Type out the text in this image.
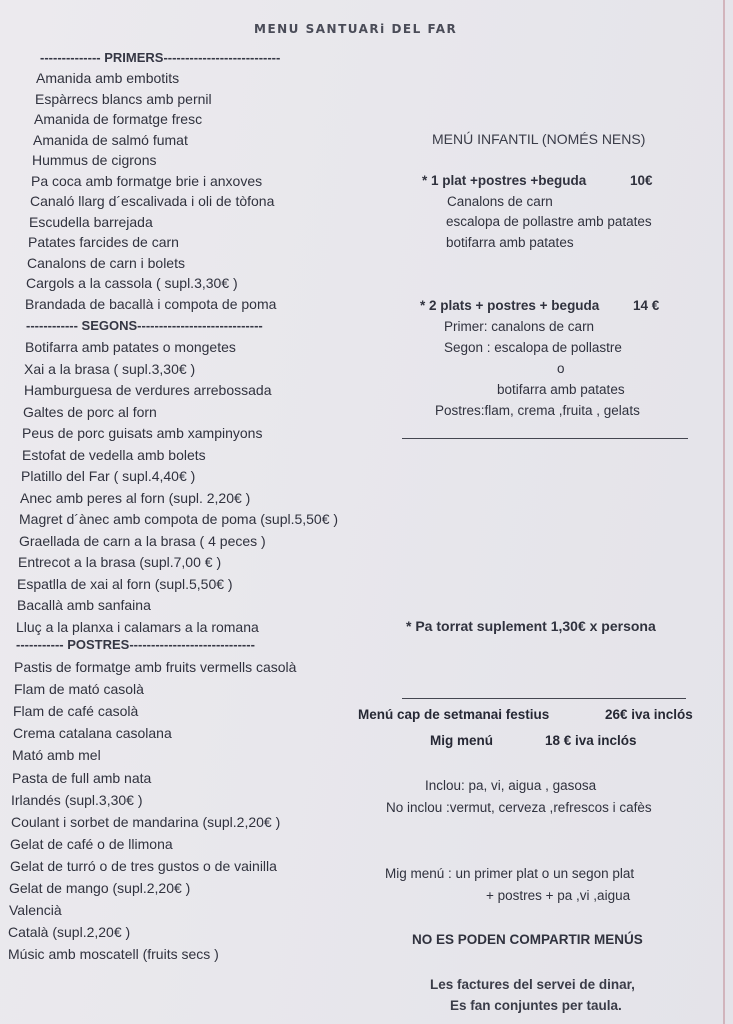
MENU SANTUARi DEL FAR
-------------- PRIMERS---------------------------
Amanida amb embotits
Espàrrecs blancs amb pernil
Amanida de formatge fresc
Amanida de salmó fumat
Hummus de cigrons
Pa coca amb formatge brie i anxoves
Canaló llarg d´escalivada i oli de tòfona
Escudella barrejada
Patates farcides de carn
Canalons de carn i bolets
Cargols a la cassola ( supl.3,30€ )
Brandada de bacallà i compota de poma
------------ SEGONS-----------------------------
Botifarra amb patates o mongetes
Xai a la brasa ( supl.3,30€ )
Hamburguesa de verdures arrebossada
Galtes de porc al forn
Peus de porc guisats amb xampinyons
Estofat de vedella amb bolets
Platillo del Far ( supl.4,40€ )
Anec amb peres al forn (supl. 2,20€ )
Magret d´ànec amb compota de poma (supl.5,50€ )
Graellada de carn a la brasa ( 4 peces )
Entrecot a la brasa (supl.7,00 € )
Espatlla de xai al forn (supl.5,50€ )
Bacallà amb sanfaina
Lluç a la planxa i calamars a la romana
----------- POSTRES-----------------------------
Pastis de formatge amb fruits vermells casolà
Flam de mató casolà
Flam de café casolà
Crema catalana casolana
Mató amb mel
Pasta de full amb nata
Irlandés (supl.3,30€ )
Coulant i sorbet de mandarina (supl.2,20€ )
Gelat de café o de llimona
Gelat de turró o de tres gustos o de vainilla
Gelat de mango (supl.2,20€ )
Valencià
Català (supl.2,20€ )
Músic amb moscatell (fruits secs )
MENÚ INFANTIL (NOMÉS NENS)
* 1 plat +postres +beguda	10€
Canalons de carn
escalopa de pollastre amb patates
botifarra amb patates
* 2 plats + postres + beguda 14 €
Primer: canalons de carn
Segon : escalopa de pollastre
o
botifarra amb patates
Postres:flam, crema ,fruita , gelats
* Pa torrat suplement 1,30€ x persona
Menú cap de setmanai festius	26€ iva inclós
Mig menú	18 € iva inclós
Inclou: pa, vi, aigua , gasosa
No inclou :vermut, cerveza ,refrescos i cafès
Mig menú : un primer plat o un segon plat
+ postres + pa ,vi ,aigua
NO ES PODEN COMPARTIR MENÚS
Les factures del servei de dinar,
Es fan conjuntes per taula.
